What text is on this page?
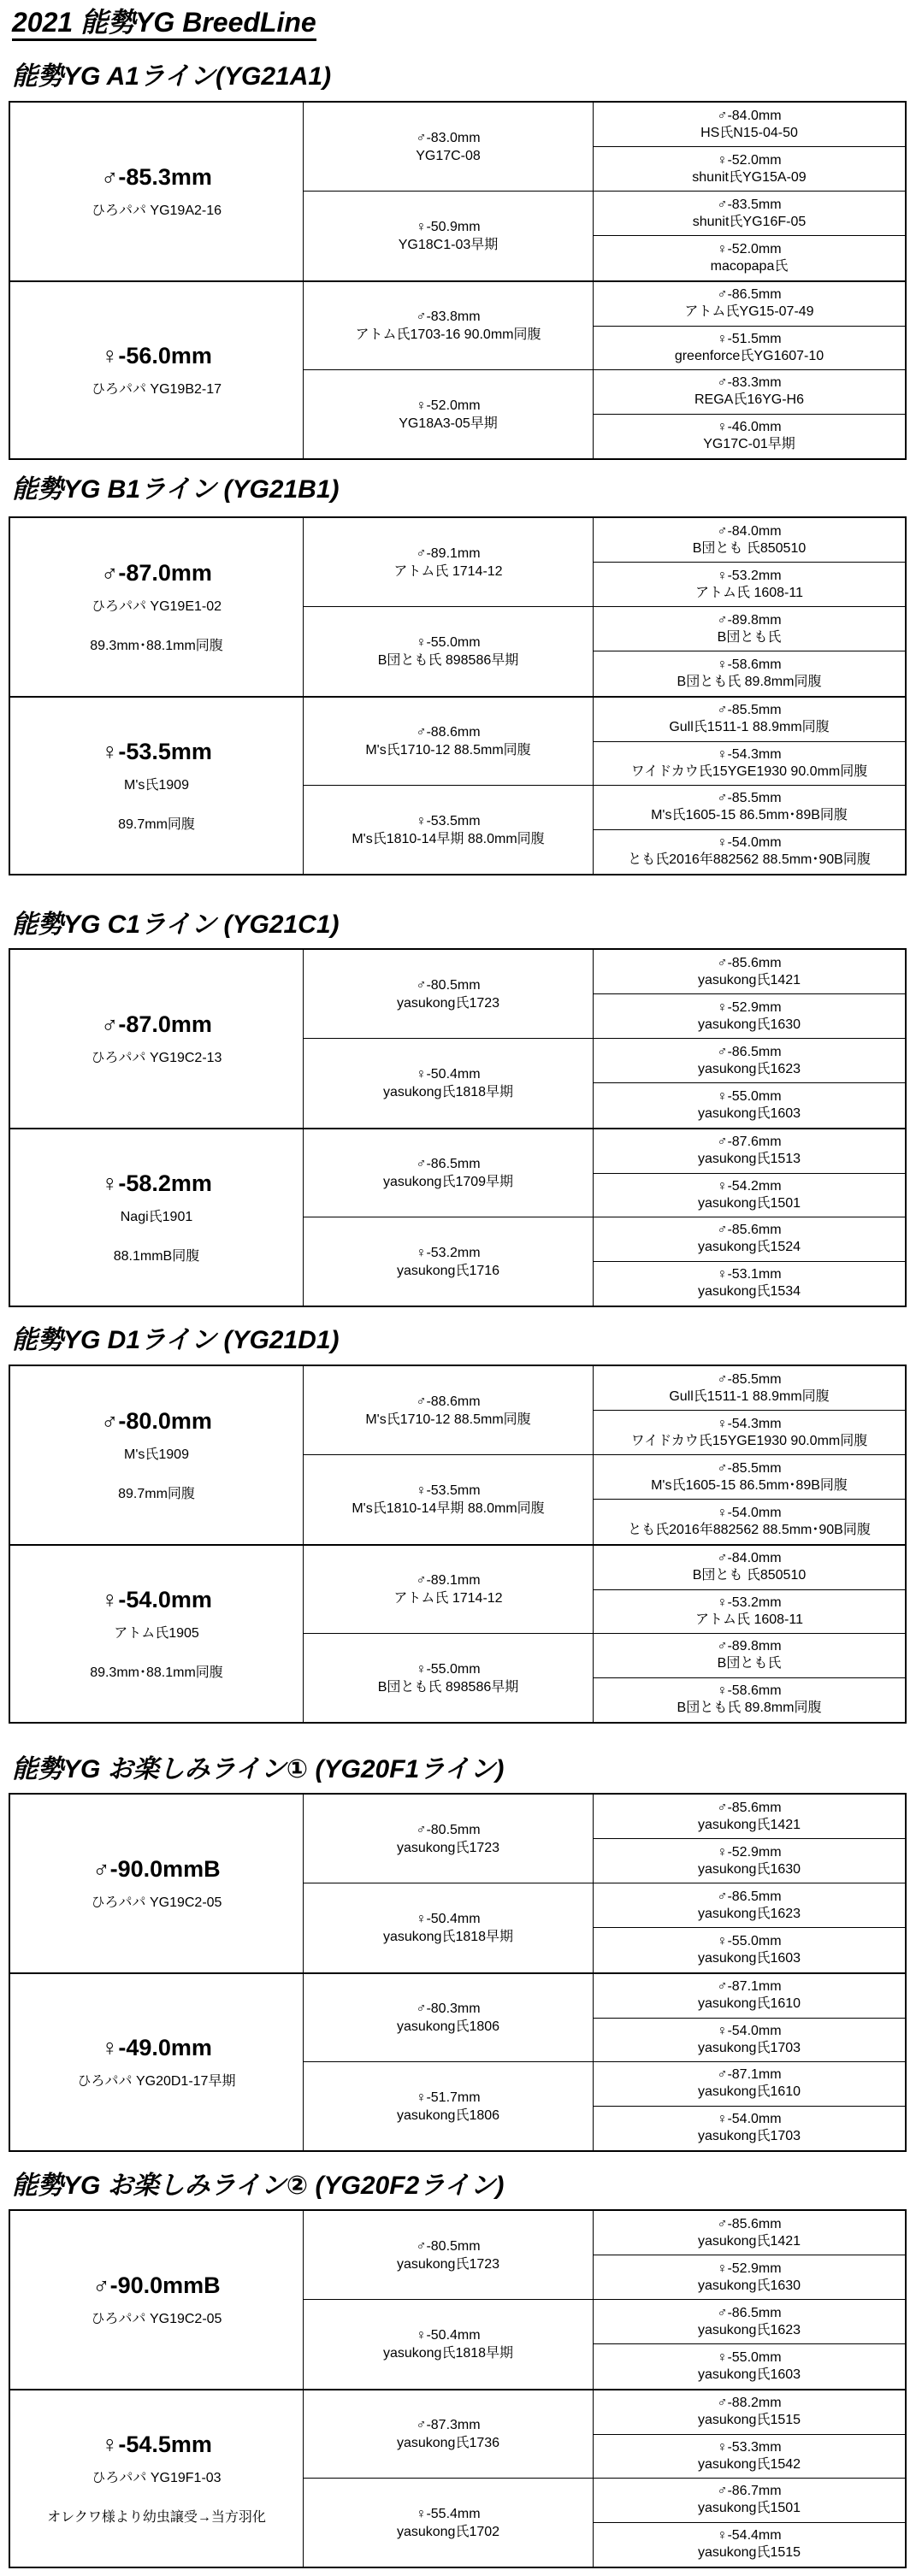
2021 能勢YG BreedLine
能勢YG A1ライン(YG21A1)
♂-85.3mm
ひろパパ YG19A2-16
♂-83.0mm
YG17C-08
♀-50.9mm
YG18C1-03早期
♂-84.0mm
HS氏N15-04-50
♀-52.0mm
shunit氏YG15A-09
♂-83.5mm
shunit氏YG16F-05
♀-52.0mm
macopapa氏
♀-56.0mm
ひろパパ YG19B2-17
♂-83.8mm
アトム氏1703-16 90.0mm同腹
♀-52.0mm
YG18A3-05早期
♂-86.5mm
アトム氏YG15-07-49
♀-51.5mm
greenforce氏YG1607-10
♂-83.3mm
REGA氏16YG-H6
♀-46.0mm
YG17C-01早期
能勢YG B1ライン (YG21B1)
♂-87.0mm
ひろパパ YG19E1-02
89.3mm･88.1mm同腹
♂-89.1mm
アトム氏 1714-12
♀-55.0mm
B団とも氏 898586早期
♂-84.0mm
B団とも 氏850510
♀-53.2mm
アトム氏 1608-11
♂-89.8mm
B団とも氏
♀-58.6mm
B団とも氏 89.8mm同腹
♀-53.5mm
M's氏1909
89.7mm同腹
♂-88.6mm
M's氏1710-12 88.5mm同腹
♀-53.5mm
M's氏1810-14早期 88.0mm同腹
♂-85.5mm
Gull氏1511-1 88.9mm同腹
♀-54.3mm
ワイドカウ氏15YGE1930 90.0mm同腹
♂-85.5mm
M's氏1605-15 86.5mm･89B同腹
♀-54.0mm
とも氏2016年882562 88.5mm･90B同腹
能勢YG C1ライン (YG21C1)
♂-87.0mm
ひろパパ YG19C2-13
♂-80.5mm
yasukong氏1723
♀-50.4mm
yasukong氏1818早期
♂-85.6mm
yasukong氏1421
♀-52.9mm
yasukong氏1630
♂-86.5mm
yasukong氏1623
♀-55.0mm
yasukong氏1603
♀-58.2mm
Nagi氏1901
88.1mmB同腹
♂-86.5mm
yasukong氏1709早期
♀-53.2mm
yasukong氏1716
♂-87.6mm
yasukong氏1513
♀-54.2mm
yasukong氏1501
♂-85.6mm
yasukong氏1524
♀-53.1mm
yasukong氏1534
能勢YG D1ライン (YG21D1)
♂-80.0mm
M's氏1909
89.7mm同腹
♂-88.6mm
M's氏1710-12 88.5mm同腹
♀-53.5mm
M's氏1810-14早期 88.0mm同腹
♂-85.5mm
Gull氏1511-1 88.9mm同腹
♀-54.3mm
ワイドカウ氏15YGE1930 90.0mm同腹
♂-85.5mm
M's氏1605-15 86.5mm･89B同腹
♀-54.0mm
とも氏2016年882562 88.5mm･90B同腹
♀-54.0mm
アトム氏1905
89.3mm･88.1mm同腹
♂-89.1mm
アトム氏 1714-12
♀-55.0mm
B団とも氏 898586早期
♂-84.0mm
B団とも 氏850510
♀-53.2mm
アトム氏 1608-11
♂-89.8mm
B団とも氏
♀-58.6mm
B団とも氏 89.8mm同腹
能勢YG お楽しみライン① (YG20F1ライン)
♂-90.0mmB
ひろパパ YG19C2-05
♂-80.5mm
yasukong氏1723
♀-50.4mm
yasukong氏1818早期
♂-85.6mm
yasukong氏1421
♀-52.9mm
yasukong氏1630
♂-86.5mm
yasukong氏1623
♀-55.0mm
yasukong氏1603
♀-49.0mm
ひろパパ YG20D1-17早期
♂-80.3mm
yasukong氏1806
♀-51.7mm
yasukong氏1806
♂-87.1mm
yasukong氏1610
♀-54.0mm
yasukong氏1703
♂-87.1mm
yasukong氏1610
♀-54.0mm
yasukong氏1703
能勢YG お楽しみライン② (YG20F2ライン)
♂-90.0mmB
ひろパパ YG19C2-05
♂-80.5mm
yasukong氏1723
♀-50.4mm
yasukong氏1818早期
♂-85.6mm
yasukong氏1421
♀-52.9mm
yasukong氏1630
♂-86.5mm
yasukong氏1623
♀-55.0mm
yasukong氏1603
♀-54.5mm
ひろパパ YG19F1-03
オレクワ様より幼虫譲受→当方羽化
♂-87.3mm
yasukong氏1736
♀-55.4mm
yasukong氏1702
♂-88.2mm
yasukong氏1515
♀-53.3mm
yasukong氏1542
♂-86.7mm
yasukong氏1501
♀-54.4mm
yasukong氏1515
